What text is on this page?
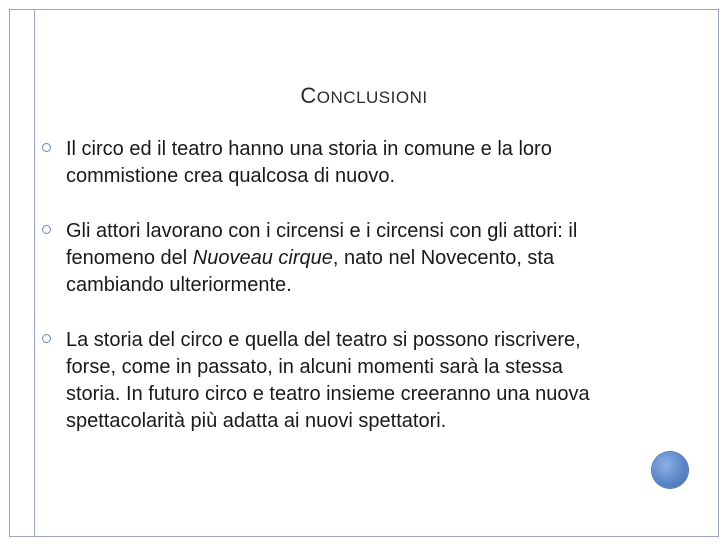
CONCLUSIONI
Il circo ed il teatro hanno una storia in comune e la loro commistione crea qualcosa di nuovo.
Gli attori lavorano con i circensi e i circensi con gli attori: il fenomeno del Nuoveau cirque, nato nel Novecento, sta cambiando ulteriormente.
La storia del circo e quella del teatro si possono riscrivere, forse, come in passato, in alcuni momenti sarà la stessa storia. In futuro circo e teatro insieme creeranno una nuova spettacolarità più adatta ai nuovi spettatori.
